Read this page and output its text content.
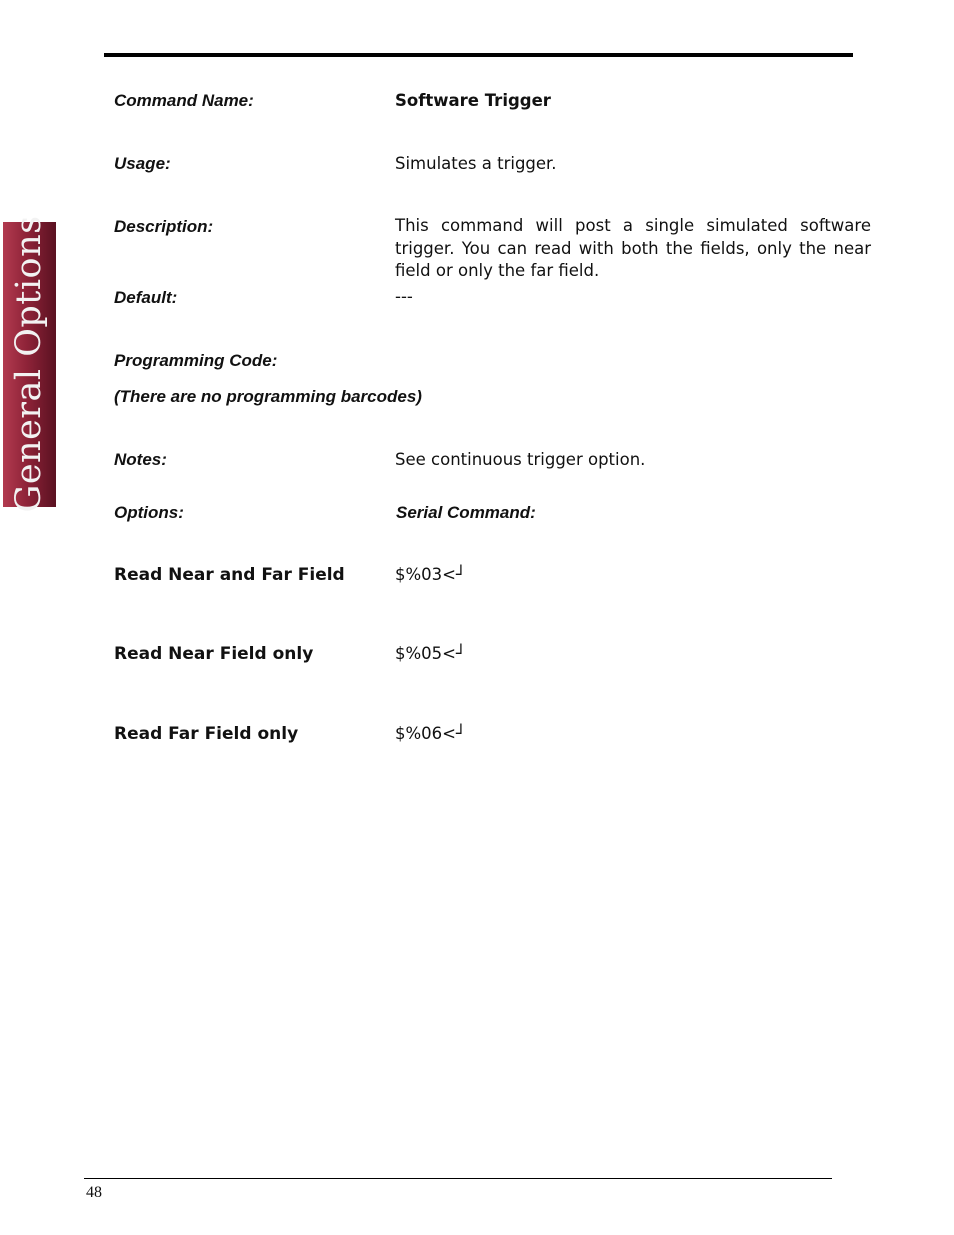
General Options
Command Name:	Software Trigger
Usage:	Simulates a trigger.
Description:	This command will post a single simulated software trigger. You can read with both the fields, only the near field or only the far field.
Default:	---
Programming Code:
(There are no programming barcodes)
Notes:	See continuous trigger option.
Options:	Serial Command:
Read Near and Far Field	$%03<┘
Read Near Field only	$%05<┘
Read Far Field only	$%06<┘
48
